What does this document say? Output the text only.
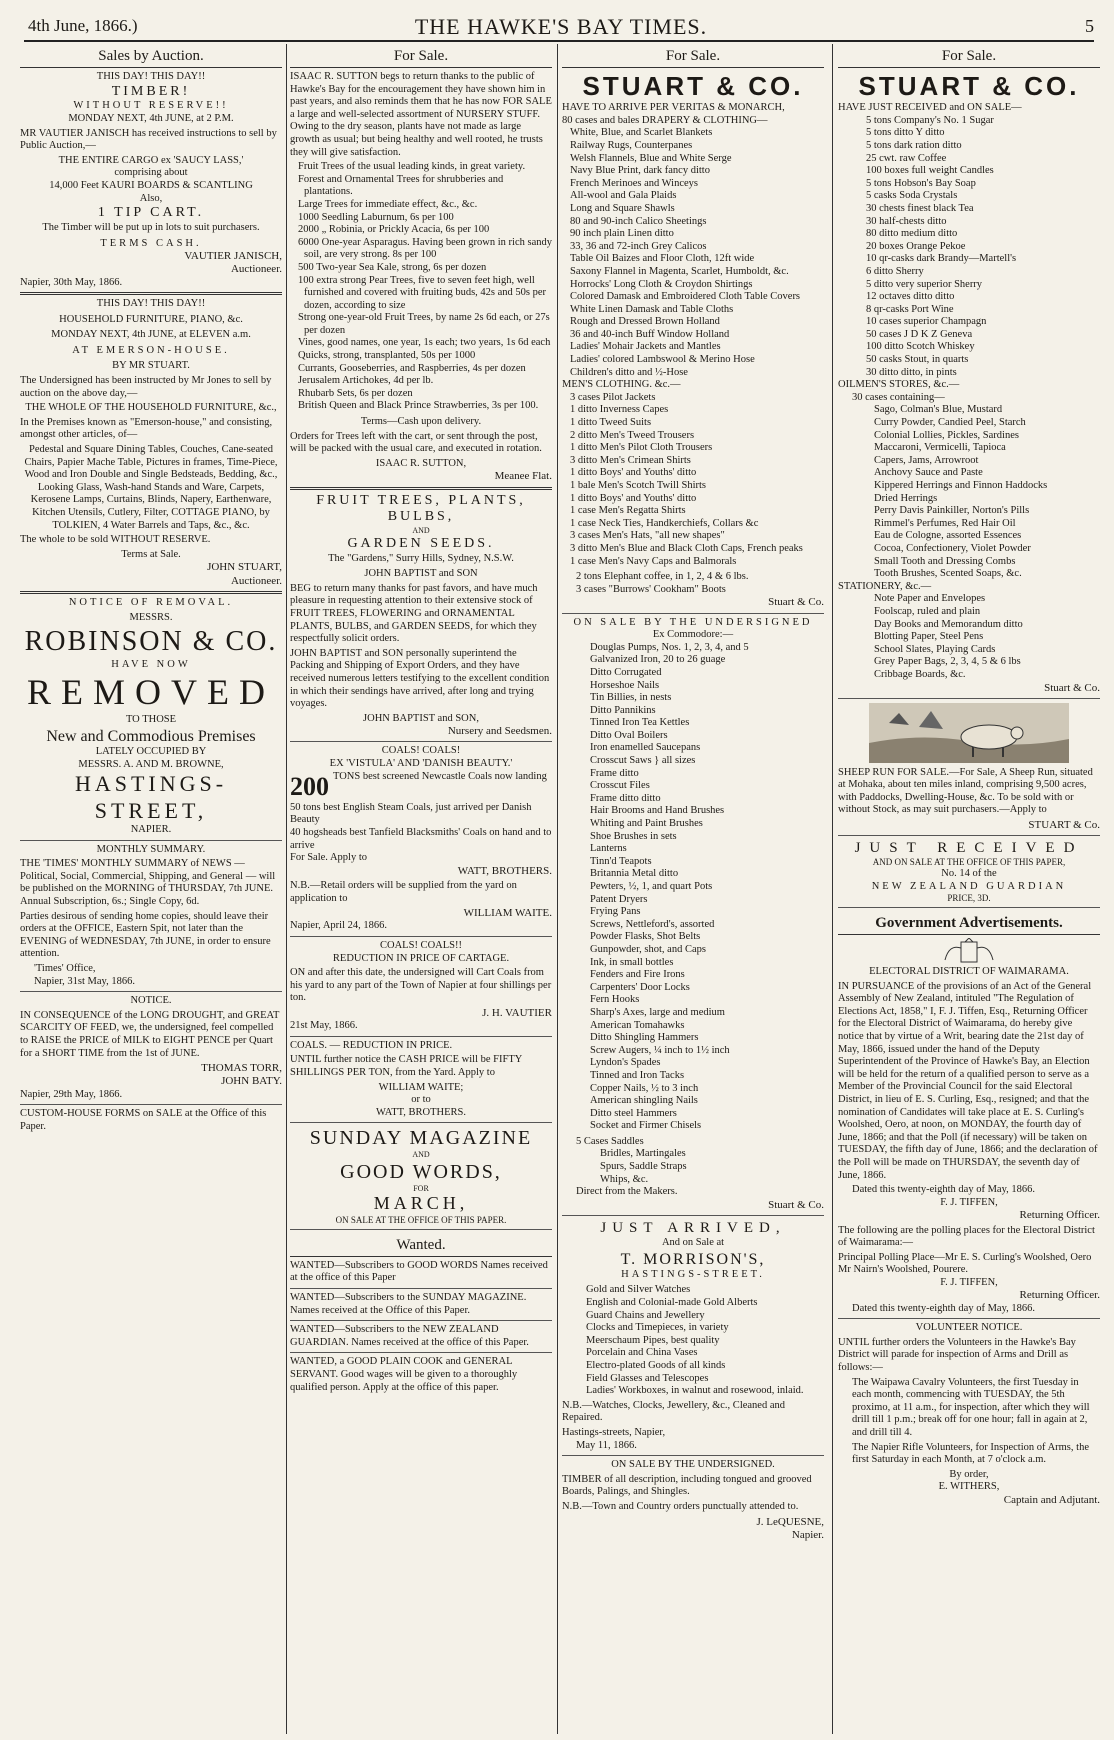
4th June, 1866.)	THE HAWKE'S BAY TIMES.	5
Sales by Auction.
THIS DAY! THIS DAY!!
TIMBER!
WITHOUT RESERVE!!
MONDAY NEXT, 4th JUNE, at 2 P.M.

MR VAUTIER JANISCH has received instructions to sell by Public Auction,—

THE ENTIRE CARGO ex 'SAUCY LASS,'
comprising about
14,000 Feet KAURI BOARDS & SCANTLING
Also,
1 TIP CART.
The Timber will be put up in lots to suit purchasers.
TERMS CASH.
VAUTIER JANISCH,
Auctioneer.
Napier, 30th May, 1866.
THIS DAY! THIS DAY!!
HOUSEHOLD FURNITURE, PIANO, &c.
MONDAY NEXT, 4th JUNE, at ELEVEN a.m.
AT EMERSON-HOUSE.
BY MR STUART.

The Undersigned has been instructed by Mr Jones to sell by auction on the above day,—

THE WHOLE OF THE HOUSEHOLD FURNITURE, &c.,

In the Premises known as "Emerson-house," and consisting, amongst other articles, of—

Pedestal and Square Dining Tables, Couches, Cane-seated Chairs, Papier Mache Table, Pictures in frames, Time-Piece, Wood and Iron Double and Single Bedsteads, Bedding, &c., Looking Glass, Wash-hand Stands and Ware, Carpets, Kerosene Lamps, Curtains, Blinds, Napery, Earthenware, Kitchen Utensils, Cutlery, Filter, COTTAGE PIANO, by TOLKIEN, 4 Water Barrels and Taps, &c., &c.

The whole to be sold WITHOUT RESERVE.

Terms at Sale.
JOHN STUART,
Auctioneer.
NOTICE OF REMOVAL.
MESSRS.
ROBINSON & CO.
HAVE NOW
REMOVED
TO THOSE
New and Commodious Premises
LATELY OCCUPIED BY
MESSRS. A. AND M. BROWNE,
HASTINGS-STREET,
NAPIER.
MONTHLY SUMMARY.

THE 'TIMES' MONTHLY SUMMARY of NEWS — Political, Social, Commercial, Shipping, and General — will be published on the MORNING of THURSDAY, 7th JUNE. Annual Subscription, 6s.; Single Copy, 6d.

Parties desirous of sending home copies, should leave their orders at the OFFICE, Eastern Spit, not later than the EVENING of WEDNESDAY, 7th JUNE, in order to ensure attention.

'Times' Office,
Napier, 31st May, 1866.
NOTICE.

IN CONSEQUENCE of the LONG DROUGHT, and GREAT SCARCITY OF FEED, we, the undersigned, feel compelled to RAISE the PRICE of MILK to EIGHT PENCE per Quart for a SHORT TIME from the 1st of JUNE.

THOMAS TORR,
JOHN BATY.
Napier, 29th May, 1866.

CUSTOM-HOUSE FORMS on SALE at the Office of this Paper.

For Sale.

ISAAC R. SUTTON begs to return thanks to the public of Hawke's Bay for the encouragement they have shown him in past years, and also reminds them that he has now FOR SALE a large and well-selected assortment of NURSERY STUFF. Owing to the dry season, plants have not made as large growth as usual; but being healthy and well rooted, he trusts they will give satisfaction.

Fruit Trees of the usual leading kinds, in great variety.
Forest and Ornamental Trees for shrubberies and plantations.
Large Trees for immediate effect, &c., &c.
1000 Seedling Laburnum, 6s per 100
2000 „ Robinia, or Prickly Acacia, 6s per 100
6000 One-year Asparagus. Having been grown in rich sandy soil, are very strong. 8s per 100
500 Two-year Sea Kale, strong, 6s per dozen
100 extra strong Pear Trees, five to seven feet high, well furnished and covered with fruiting buds, 42s and 50s per dozen, according to size
Strong one-year-old Fruit Trees, by name 2s 6d each, or 27s per dozen
Vines, good names, one year, 1s each; two years, 1s 6d each
Quicks, strong, transplanted, 50s per 1000
Currants, Gooseberries, and Raspberries, 4s per dozen
Jerusalem Artichokes, 4d per lb.
Rhubarb Sets, 6s per dozen
British Queen and Black Prince Strawberries, 3s per 100.
Terms—Cash upon delivery.

Orders for Trees left with the cart, or sent through the post, will be packed with the usual care, and executed in rotation.

ISAAC R. SUTTON,
Meanee Flat.
FRUIT TREES, PLANTS, BULBS,
AND
GARDEN SEEDS.
The "Gardens," Surry Hills, Sydney, N.S.W.
JOHN BAPTIST and SON

BEG to return many thanks for past favors, and have much pleasure in requesting attention to their extensive stock of FRUIT TREES, FLOWERING and ORNAMENTAL PLANTS, BULBS, and GARDEN SEEDS, for which they respectfully solicit orders.

JOHN BAPTIST and SON personally superintend the Packing and Shipping of Export Orders, and they have received numerous letters testifying to the excellent condition in which their sendings have arrived, after long and trying voyages.

JOHN BAPTIST and SON,
Nursery and Seedsmen.
COALS! COALS!
EX 'VISTULA' AND 'DANISH BEAUTY.'
200 TONS best screened Newcastle Coals now landing
50 tons best English Steam Coals, just arrived per Danish Beauty
40 hogsheads best Tanfield Blacksmiths' Coals on hand and to arrive
For Sale. Apply to
WATT, BROTHERS.

N.B.—Retail orders will be supplied from the yard on application to

WILLIAM WAITE.
Napier, April 24, 1866.
COALS! COALS!!
REDUCTION IN PRICE OF CARTAGE.

ON and after this date, the undersigned will Cart Coals from his yard to any part of the Town of Napier at four shillings per ton.

J. H. VAUTIER
21st May, 1866.
COALS. — REDUCTION IN PRICE.

UNTIL further notice the CASH PRICE will be FIFTY SHILLINGS PER TON, from the Yard. Apply to

WILLIAM WAITE;
or to
WATT, BROTHERS.
SUNDAY MAGAZINE
AND
GOOD WORDS,
FOR
MARCH,
ON SALE AT THE OFFICE OF THIS PAPER.
Wanted.

WANTED—Subscribers to GOOD WORDS Names received at the office of this Paper

WANTED—Subscribers to the SUNDAY MAGAZINE. Names received at the Office of this Paper.

WANTED—Subscribers to the NEW ZEALAND GUARDIAN. Names received at the office of this Paper.

WANTED, a GOOD PLAIN COOK and GENERAL SERVANT. Good wages will be given to a thoroughly qualified person. Apply at the office of this paper.

For Sale.
STUART & CO.
HAVE TO ARRIVE PER VERITAS & MONARCH,
80 cases and bales DRAPERY & CLOTHING—
White, Blue, and Scarlet Blankets
Railway Rugs, Counterpanes
Welsh Flannels, Blue and White Serge
Navy Blue Print, dark fancy ditto
French Merinoes and Winceys
All-wool and Gala Plaids
Long and Square Shawls
80 and 90-inch Calico Sheetings
90 inch plain Linen ditto
33, 36 and 72-inch Grey Calicos
Table Oil Baizes and Floor Cloth, 12ft wide
Saxony Flannel in Magenta, Scarlet, Humboldt, &c.
Horrocks' Long Cloth & Croydon Shirtings
Colored Damask and Embroidered Cloth Table Covers
White Linen Damask and Table Cloths
Rough and Dressed Brown Holland
36 and 40-inch Buff Window Holland
Ladies' Mohair Jackets and Mantles
Ladies' colored Lambswool & Merino Hose
Children's ditto and ½-Hose
MEN'S CLOTHING. &c.—
3 cases Pilot Jackets
1 ditto Inverness Capes
1 ditto Tweed Suits
2 ditto Men's Tweed Trousers
1 ditto Men's Pilot Cloth Trousers
3 ditto Men's Crimean Shirts
1 ditto Boys' and Youths' ditto
1 bale Men's Scotch Twill Shirts
1 ditto Boys' and Youths' ditto
1 case Men's Regatta Shirts
1 case Neck Ties, Handkerchiefs, Collars &c
3 cases Men's Hats, "all new shapes"
3 ditto Men's Blue and Black Cloth Caps, French peaks
1 case Men's Navy Caps and Balmorals
2 tons Elephant coffee, in 1, 2, 4 & 6 lbs.
3 cases "Burrows' Cookham" Boots
Stuart & Co.
ON SALE BY THE UNDERSIGNED
Ex Commodore:—
Douglas Pumps, Nos. 1, 2, 3, 4, and 5
Galvanized Iron, 20 to 26 guage
Ditto Corrugated
Horseshoe Nails
Tin Billies, in nests
Ditto Pannikins
Tinned Iron Tea Kettles
Ditto Oval Boilers
Iron enamelled Saucepans
Crosscut Saws } all sizes
Frame ditto
Crosscut Files
Frame ditto ditto
Hair Brooms and Hand Brushes
Whiting and Paint Brushes
Shoe Brushes in sets
Lanterns
Tinn'd Teapots
Britannia Metal ditto
Pewters, ½, 1, and quart Pots
Patent Dryers
Frying Pans
Screws, Nettleford's, assorted
Powder Flasks, Shot Belts
Gunpowder, shot, and Caps
Ink, in small bottles
Fenders and Fire Irons
Carpenters' Door Locks
Fern Hooks
Sharp's Axes, large and medium
American Tomahawks
Ditto Shingling Hammers
Screw Augers, ¼ inch to 1½ inch
Lyndon's Spades
Tinned and Iron Tacks
Copper Nails, ½ to 3 inch
American shingling Nails
Ditto steel Hammers
Socket and Firmer Chisels
5 Cases Saddles
Bridles, Martingales
Spurs, Saddle Straps
Whips, &c.
Direct from the Makers.
Stuart & Co.
JUST ARRIVED,
And on Sale at
T. MORRISON'S,
HASTINGS-STREET.
Gold and Silver Watches
English and Colonial-made Gold Alberts
Guard Chains and Jewellery
Clocks and Timepieces, in variety
Meerschaum Pipes, best quality
Porcelain and China Vases
Electro-plated Goods of all kinds
Field Glasses and Telescopes
Ladies' Workboxes, in walnut and rosewood, inlaid.

N.B.—Watches, Clocks, Jewellery, &c., Cleaned and Repaired.

Hastings-streets, Napier,
May 11, 1866.
ON SALE BY THE UNDERSIGNED.

TIMBER of all description, including tongued and grooved Boards, Palings, and Shingles.

N.B.—Town and Country orders punctually attended to.

J. LeQUESNE,
Napier.
For Sale.
STUART & CO.
HAVE JUST RECEIVED and ON SALE—
5 tons Company's No. 1 Sugar
5 tons ditto Y ditto
5 tons dark ration ditto
25 cwt. raw Coffee
100 boxes full weight Candles
5 tons Hobson's Bay Soap
5 casks Soda Crystals
30 chests finest black Tea
30 half-chests ditto
80 ditto medium ditto
20 boxes Orange Pekoe
10 qr-casks dark Brandy—Martell's
6 ditto Sherry
5 ditto very superior Sherry
12 octaves ditto ditto
8 qr-casks Port Wine
10 cases superior Champagn
50 cases J D K Z Geneva
100 ditto Scotch Whiskey
50 casks Stout, in quarts
30 ditto ditto, in pints
OILMEN'S STORES, &c.—
30 cases containing—
Sago, Colman's Blue, Mustard
Curry Powder, Candied Peel, Starch
Colonial Lollies, Pickles, Sardines
Maccaroni, Vermicelli, Tapioca
Capers, Jams, Arrowroot
Anchovy Sauce and Paste
Kippered Herrings and Finnon Haddocks
Dried Herrings
Perry Davis Painkiller, Norton's Pills
Rimmel's Perfumes, Red Hair Oil
Eau de Cologne, assorted Essences
Cocoa, Confectionery, Violet Powder
Small Tooth and Dressing Combs
Tooth Brushes, Scented Soaps, &c.
STATIONERY, &c.—
Note Paper and Envelopes
Foolscap, ruled and plain
Day Books and Memorandum ditto
Blotting Paper, Steel Pens
School Slates, Playing Cards
Grey Paper Bags, 2, 3, 4, 5 & 6 lbs
Cribbage Boards, &c.
Stuart & Co.

SHEEP RUN FOR SALE.—For Sale, A Sheep Run, situated at Mohaka, about ten miles inland, comprising 9,500 acres, with Paddocks, Dwelling-House, &c. To be sold with or without Stock, as may suit purchasers.—Apply to

STUART & Co.
JUST RECEIVED
AND ON SALE AT THE OFFICE OF THIS PAPER,
No. 14 of the
NEW ZEALAND GUARDIAN
PRICE, 3D.
Government Advertisements.
ELECTORAL DISTRICT OF WAIMARAMA.

IN PURSUANCE of the provisions of an Act of the General Assembly of New Zealand, intituled "The Regulation of Elections Act, 1858," I, F. J. Tiffen, Esq., Returning Officer for the Electoral District of Waimarama, do hereby give notice that by virtue of a Writ, bearing date the 21st day of May, 1866, issued under the hand of the Deputy Superintendent of the Province of Hawke's Bay, an Election will be held for the return of a qualified person to serve as a Member of the Provincial Council for the said Electoral District, in lieu of E. S. Curling, Esq., resigned; and that the nomination of Candidates will take place at E. S. Curling's Woolshed, Oero, at noon, on MONDAY, the fourth day of June, 1866; and that the Poll (if necessary) will be taken on TUESDAY, the fifth day of June, 1866; and the declaration of the Poll will be made on THURSDAY, the seventh day of June, 1866.

Dated this twenty-eighth day of May, 1866.
F. J. TIFFEN,
Returning Officer.

The following are the polling places for the Electoral District of Waimarama:—

Principal Polling Place—Mr E. S. Curling's Woolshed, Oero
Mr Nairn's Woolshed, Pourere.
F. J. TIFFEN,
Returning Officer.
Dated this twenty-eighth day of May, 1866.
VOLUNTEER NOTICE.

UNTIL further orders the Volunteers in the Hawke's Bay District will parade for inspection of Arms and Drill as follows:—

The Waipawa Cavalry Volunteers, the first Tuesday in each month, commencing with TUESDAY, the 5th proximo, at 11 a.m., for inspection, after which they will drill till 1 p.m.; break off for one hour; fall in again at 2, and drill till 4.

The Napier Rifle Volunteers, for Inspection of Arms, the first Saturday in each Month, at 7 o'clock a.m.

By order,
E. WITHERS,
Captain and Adjutant.
